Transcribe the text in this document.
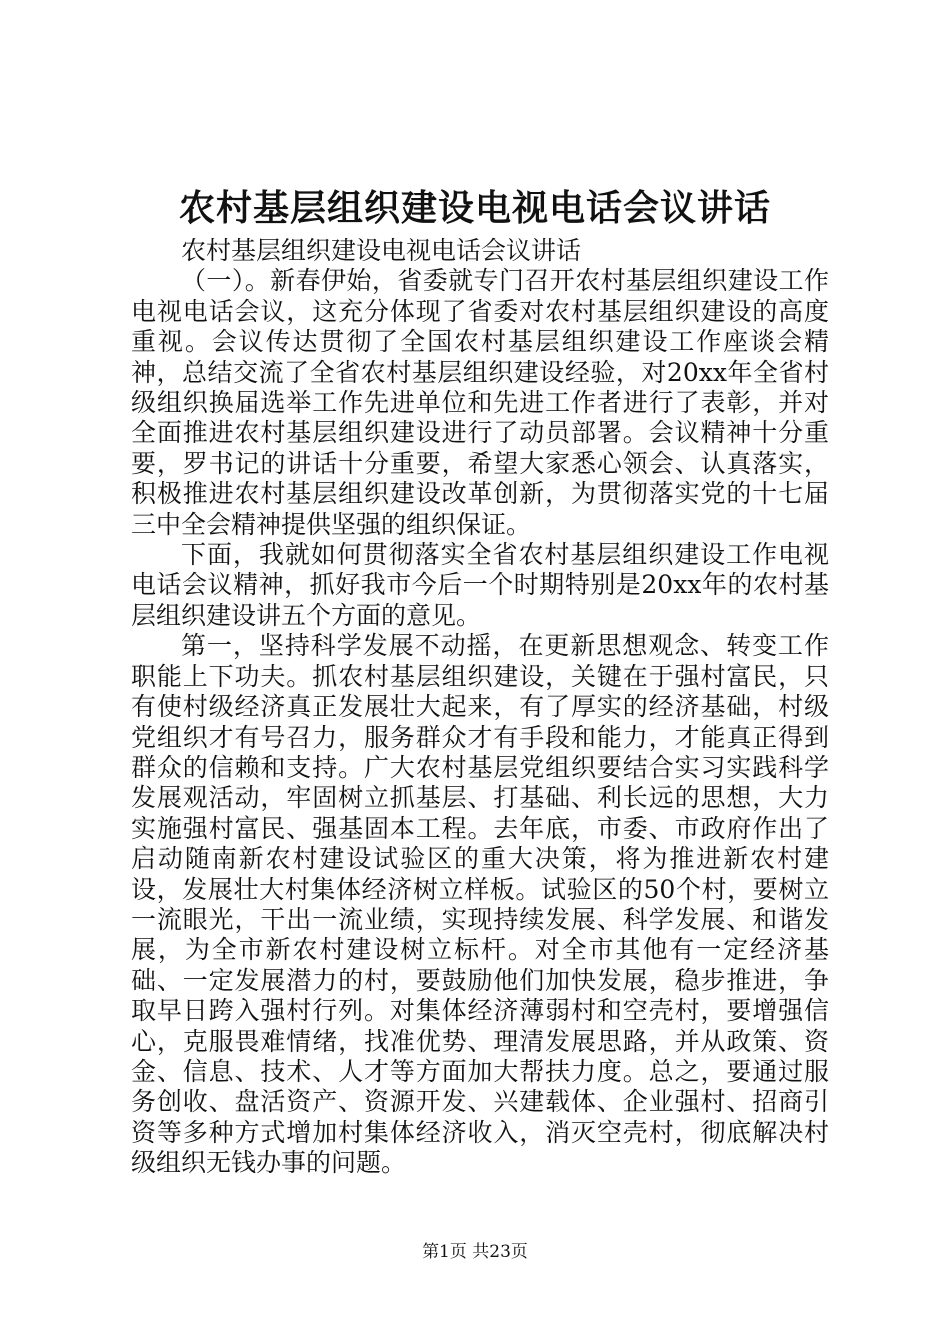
农村基层组织建设电视电话会议讲话

农村基层组织建设电视电话会议讲话

（一）。新春伊始，省委就专门召开农村基层组织建设工作电视电话会议，这充分体现了省委对农村基层组织建设的高度重视。会议传达贯彻了全国农村基层组织建设工作座谈会精神，总结交流了全省农村基层组织建设经验，对20xx年全省村级组织换届选举工作先进单位和先进工作者进行了表彰，并对全面推进农村基层组织建设进行了动员部署。会议精神十分重要，罗书记的讲话十分重要，希望大家悉心领会、认真落实，积极推进农村基层组织建设改革创新，为贯彻落实党的十七届三中全会精神提供坚强的组织保证。

下面，我就如何贯彻落实全省农村基层组织建设工作电视电话会议精神，抓好我市今后一个时期特别是20xx年的农村基层组织建设讲五个方面的意见。

第一，坚持科学发展不动摇，在更新思想观念、转变工作职能上下功夫。抓农村基层组织建设，关键在于强村富民，只有使村级经济真正发展壮大起来，有了厚实的经济基础，村级党组织才有号召力，服务群众才有手段和能力，才能真正得到群众的信赖和支持。广大农村基层党组织要结合实习实践科学发展观活动，牢固树立抓基层、打基础、利长远的思想，大力实施强村富民、强基固本工程。去年底，市委、市政府作出了启动随南新农村建设试验区的重大决策，将为推进新农村建设，发展壮大村集体经济树立样板。试验区的50个村，要树立一流眼光，干出一流业绩，实现持续发展、科学发展、和谐发展，为全市新农村建设树立标杆。对全市其他有一定经济基础、一定发展潜力的村，要鼓励他们加快发展，稳步推进，争取早日跨入强村行列。对集体经济薄弱村和空壳村，要增强信心，克服畏难情绪，找准优势、理清发展思路，并从政策、资金、信息、技术、人才等方面加大帮扶力度。总之，要通过服务创收、盘活资产、资源开发、兴建载体、企业强村、招商引资等多种方式增加村集体经济收入，消灭空壳村，彻底解决村级组织无钱办事的问题。

第1页 共23页
